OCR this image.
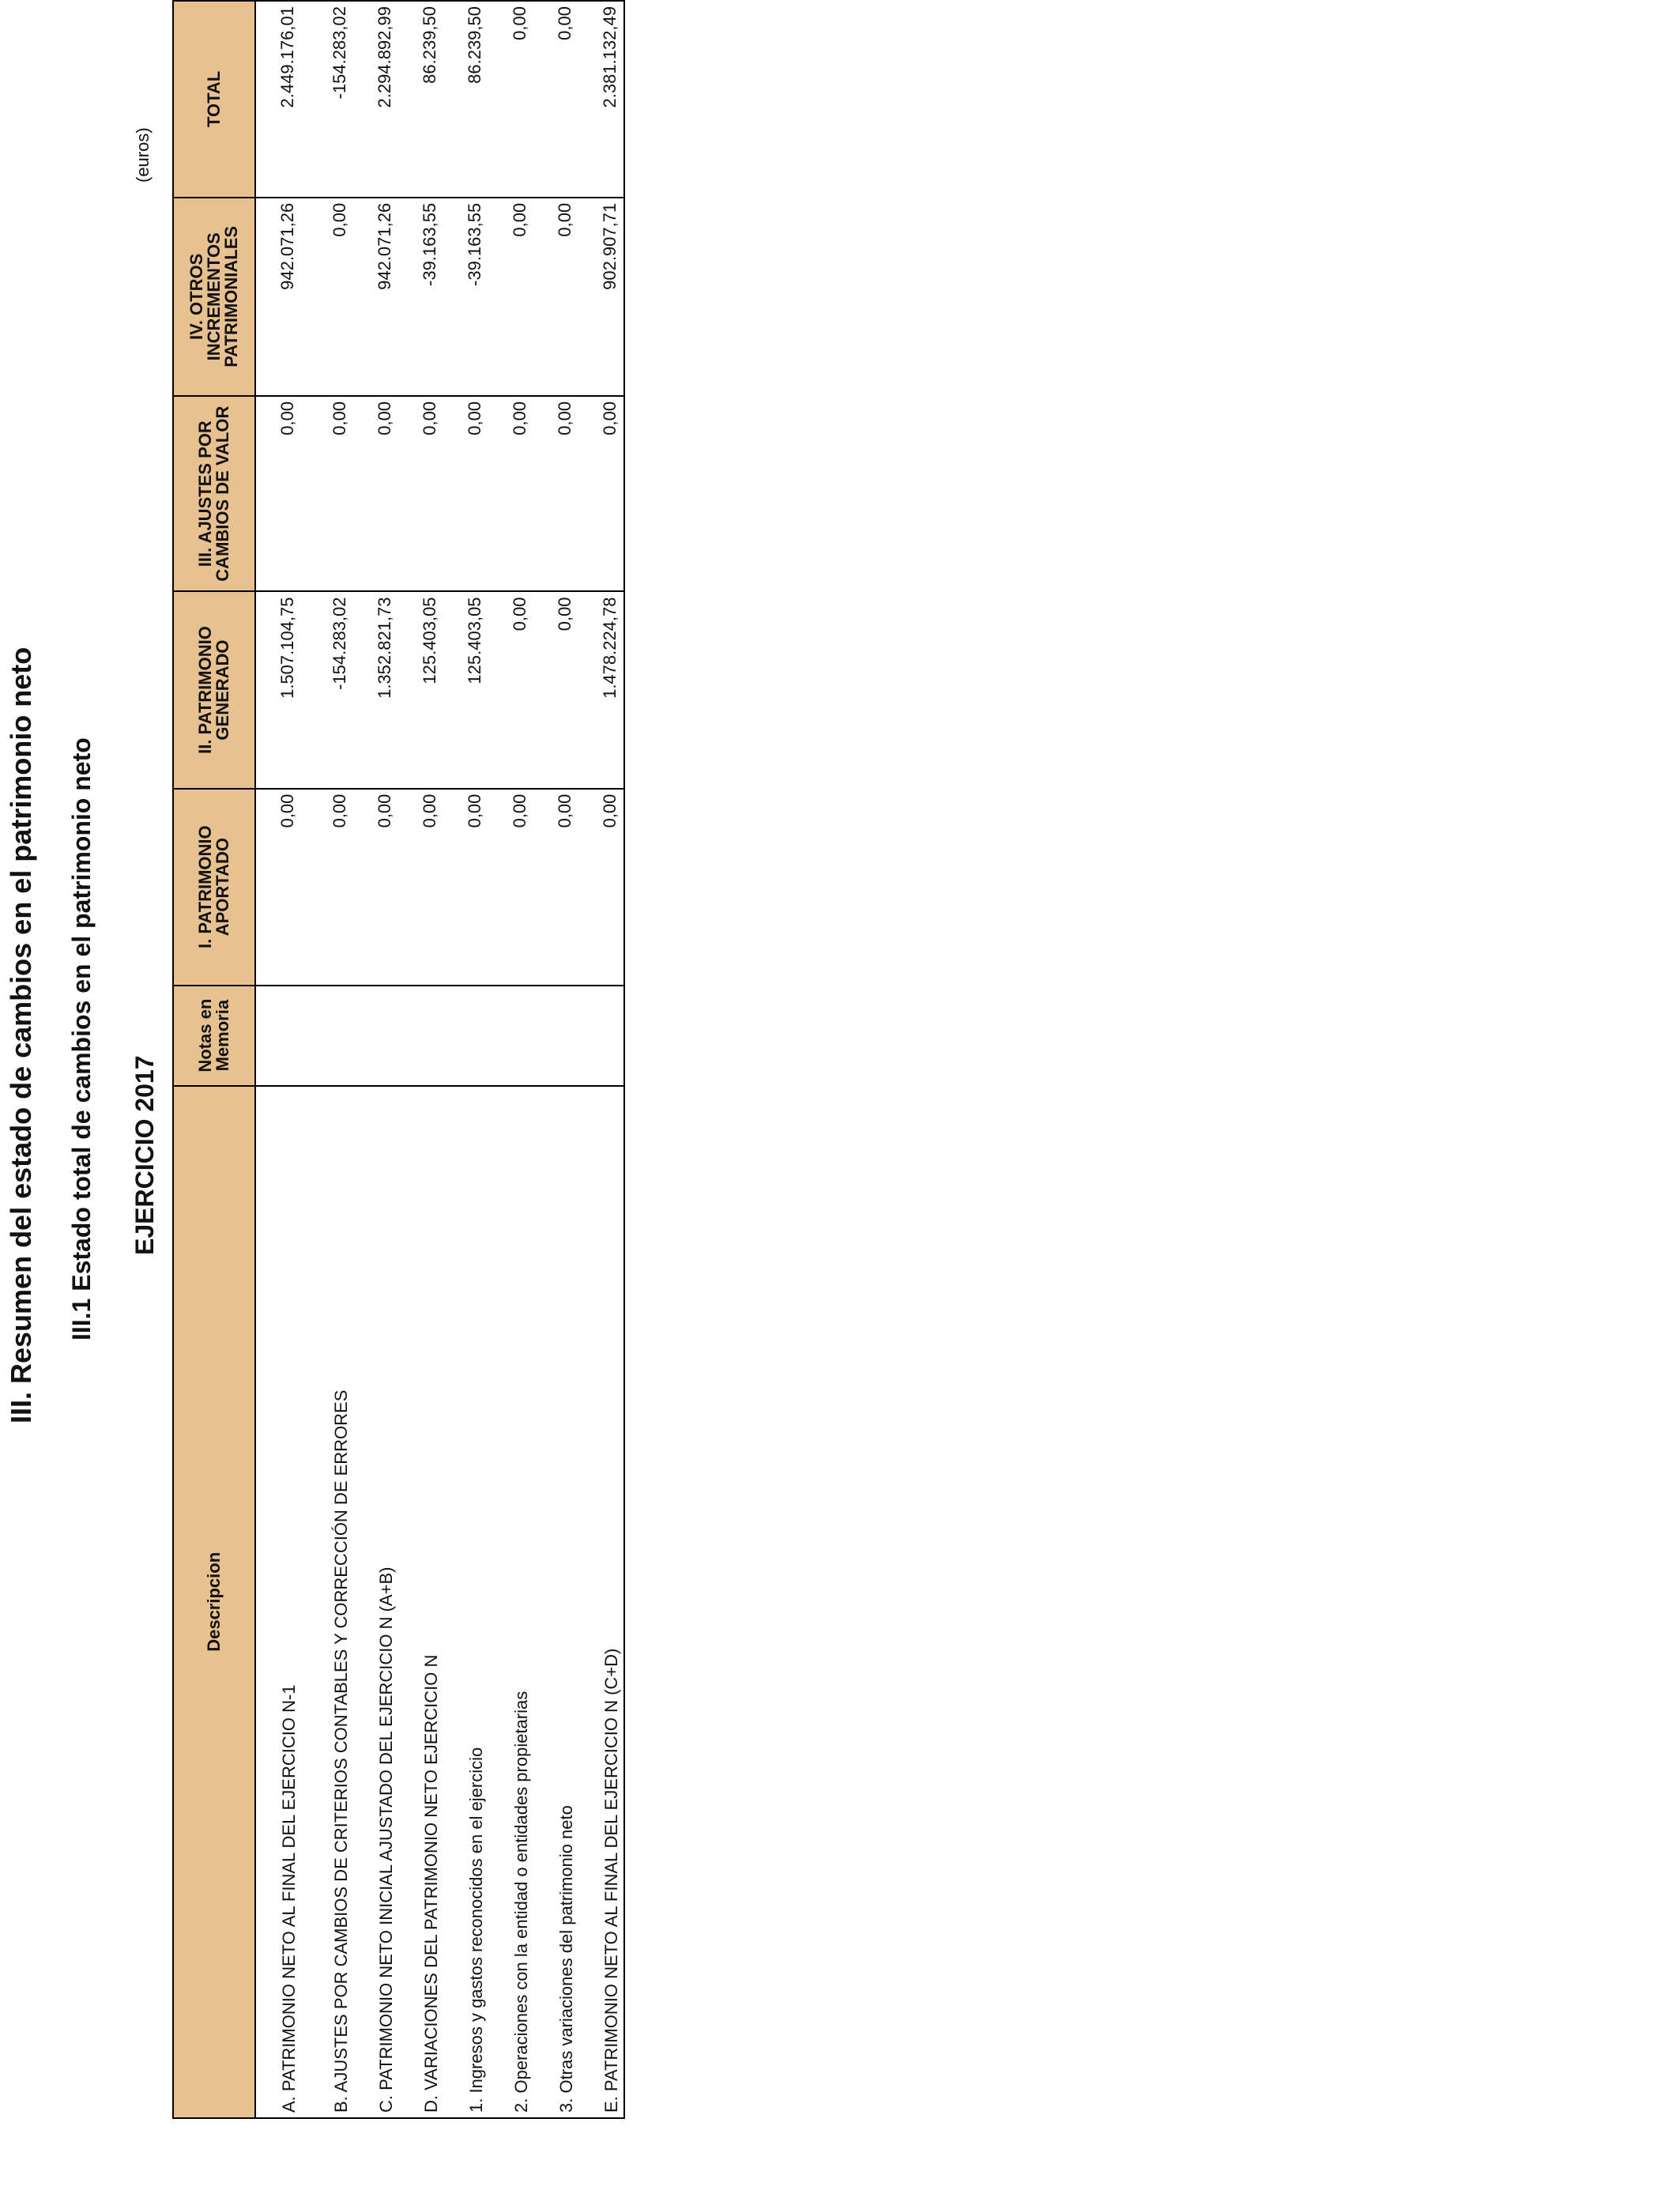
III. Resumen del estado de cambios en el patrimonio neto III.1 Estado total de cambios en el patrimonio neto EJERCICIO 2017
(euros)
Descripcion	Notas en Memoria	I. PATRIMONIO APORTADO	II. PATRIMONIO GENERADO	III. AJUSTES POR CAMBIOS DE VALOR	IV. OTROS INCREMENTOS PATRIMONIALES	TOTAL
A. PATRIMONIO NETO AL FINAL DEL EJERCICIO N-1		0,00	1.507.104,75	0,00	942.071,26	2.449.176,01
B. AJUSTES POR CAMBIOS DE CRITERIOS CONTABLES Y CORRECCIÓN DE ERRORES		0,00	-154.283,02	0,00	0,00	-154.283,02
C. PATRIMONIO NETO INICIAL AJUSTADO DEL EJERCICIO N (A+B)		0,00	1.352.821,73	0,00	942.071,26	2.294.892,99
D. VARIACIONES DEL PATRIMONIO NETO EJERCICIO N		0,00	125.403,05	0,00	-39.163,55	86.239,50
1. Ingresos y gastos reconocidos en el ejercicio		0,00	125.403,05	0,00	-39.163,55	86.239,50
2. Operaciones con la entidad o entidades propietarias		0,00	0,00	0,00	0,00	0,00
3. Otras variaciones del patrimonio neto		0,00	0,00	0,00	0,00	0,00
E. PATRIMONIO NETO AL FINAL DEL EJERCICIO N (C+D)		0,00	1.478.224,78	0,00	902.907,71	2.381.132,49
